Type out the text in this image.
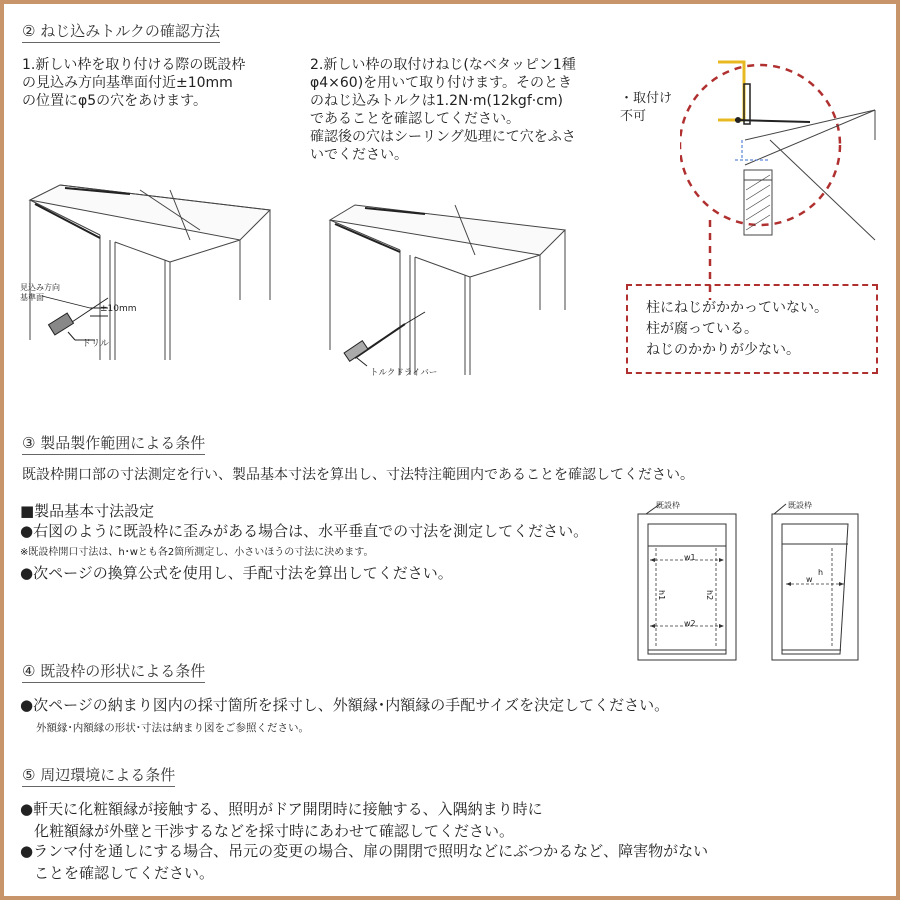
② ねじ込みトルクの確認方法
1.新しい枠を取り付ける際の既設枠
の見込み方向基準面付近±10mm
の位置にφ5の穴をあけます。
2.新しい枠の取付けねじ(なベタッピン1種
φ4×60)を用いて取り付けます。そのとき
のねじ込みトルクは1.2N·m(12kgf·cm)
であることを確認してください。
確認後の穴はシーリング処理にて穴をふさ
いでください。
見込み方向
基準面
±10mm
ドリル
トルクドライバー
・取付け
不可
柱にねじがかかっていない。
柱が腐っている。
ねじのかかりが少ない。
③ 製品製作範囲による条件
既設枠開口部の寸法測定を行い、製品基本寸法を算出し、寸法特注範囲内であることを確認してください。
■製品基本寸法設定
●右図のように既設枠に歪みがある場合は、水平垂直での寸法を測定してください。
※既設枠開口寸法は、h･wとも各2箇所測定し、小さいほうの寸法に決めます。
●次ページの換算公式を使用し、手配寸法を算出してください。
既設枠	既設枠
w1
w2
h1	h2
w
h
④ 既設枠の形状による条件
●次ページの納まり図内の採寸箇所を採寸し、外額縁･内額縁の手配サイズを決定してください。
外額縁･内額縁の形状･寸法は納まり図をご参照ください。
⑤ 周辺環境による条件
●軒天に化粧額縁が接触する、照明がドア開閉時に接触する、入隅納まり時に
化粧額縁が外壁と干渉するなどを採寸時にあわせて確認してください。
●ランマ付を通しにする場合、吊元の変更の場合、扉の開閉で照明などにぶつかるなど、障害物がない
ことを確認してください。
